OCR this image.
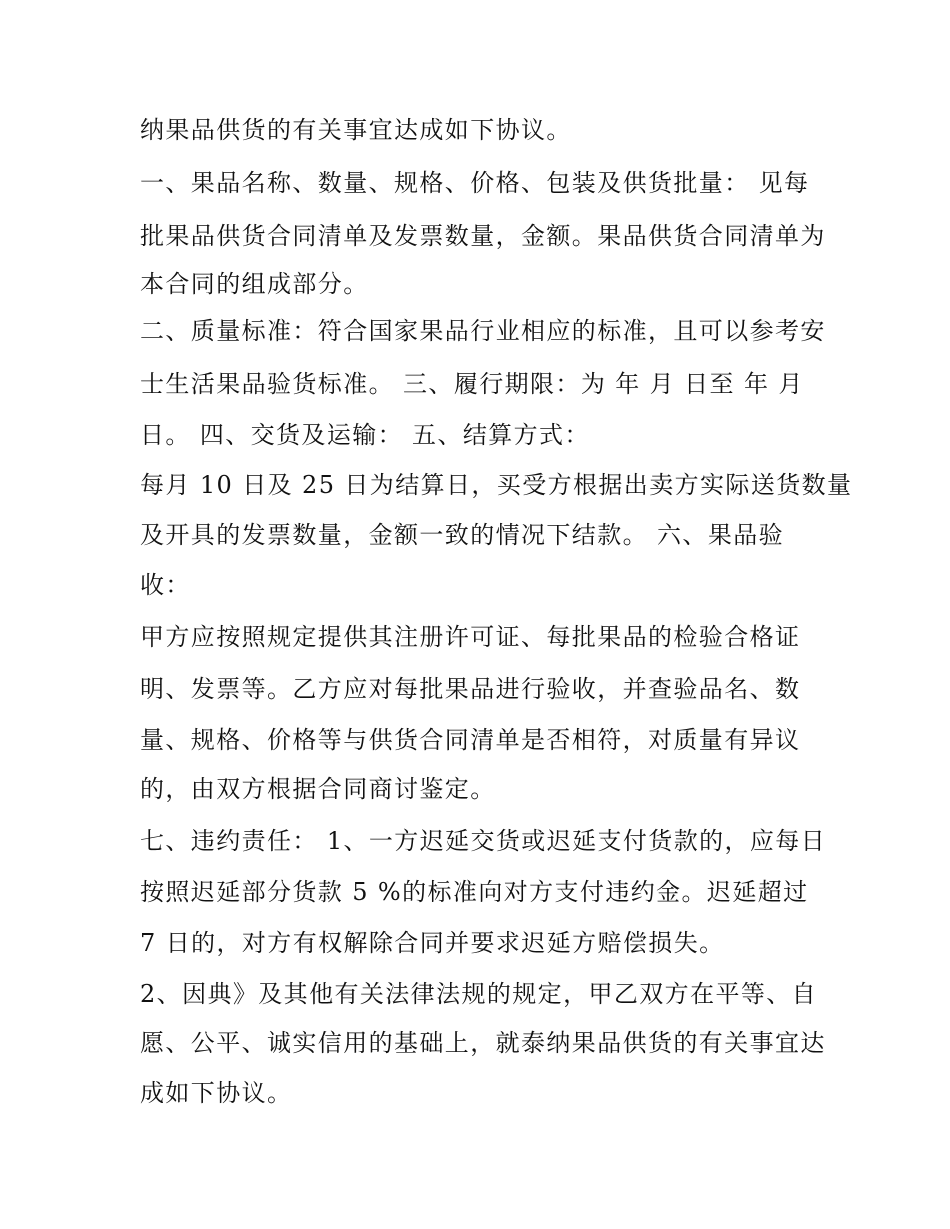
纳果品供货的有关事宜达成如下协议。
一、果品名称、数量、规格、价格、包装及供货批量： 见每
批果品供货合同清单及发票数量，金额。果品供货合同清单为
本合同的组成部分。
二、质量标准：符合国家果品行业相应的标准，且可以参考安
士生活果品验货标准。 三、履行期限：为 年 月 日至 年 月
日。 四、交货及运输： 五、结算方式：
每月 10 日及 25 日为结算日，买受方根据出卖方实际送货数量
及开具的发票数量，金额一致的情况下结款。 六、果品验
收：
甲方应按照规定提供其注册许可证、每批果品的检验合格证
明、发票等。乙方应对每批果品进行验收，并查验品名、数
量、规格、价格等与供货合同清单是否相符，对质量有异议
的，由双方根据合同商讨鉴定。
七、违约责任： 1、一方迟延交货或迟延支付货款的，应每日
按照迟延部分货款 5 %的标准向对方支付违约金。迟延超过
7 日的，对方有权解除合同并要求迟延方赔偿损失。
2、因典》及其他有关法律法规的规定，甲乙双方在平等、自
愿、公平、诚实信用的基础上，就泰纳果品供货的有关事宜达
成如下协议。
